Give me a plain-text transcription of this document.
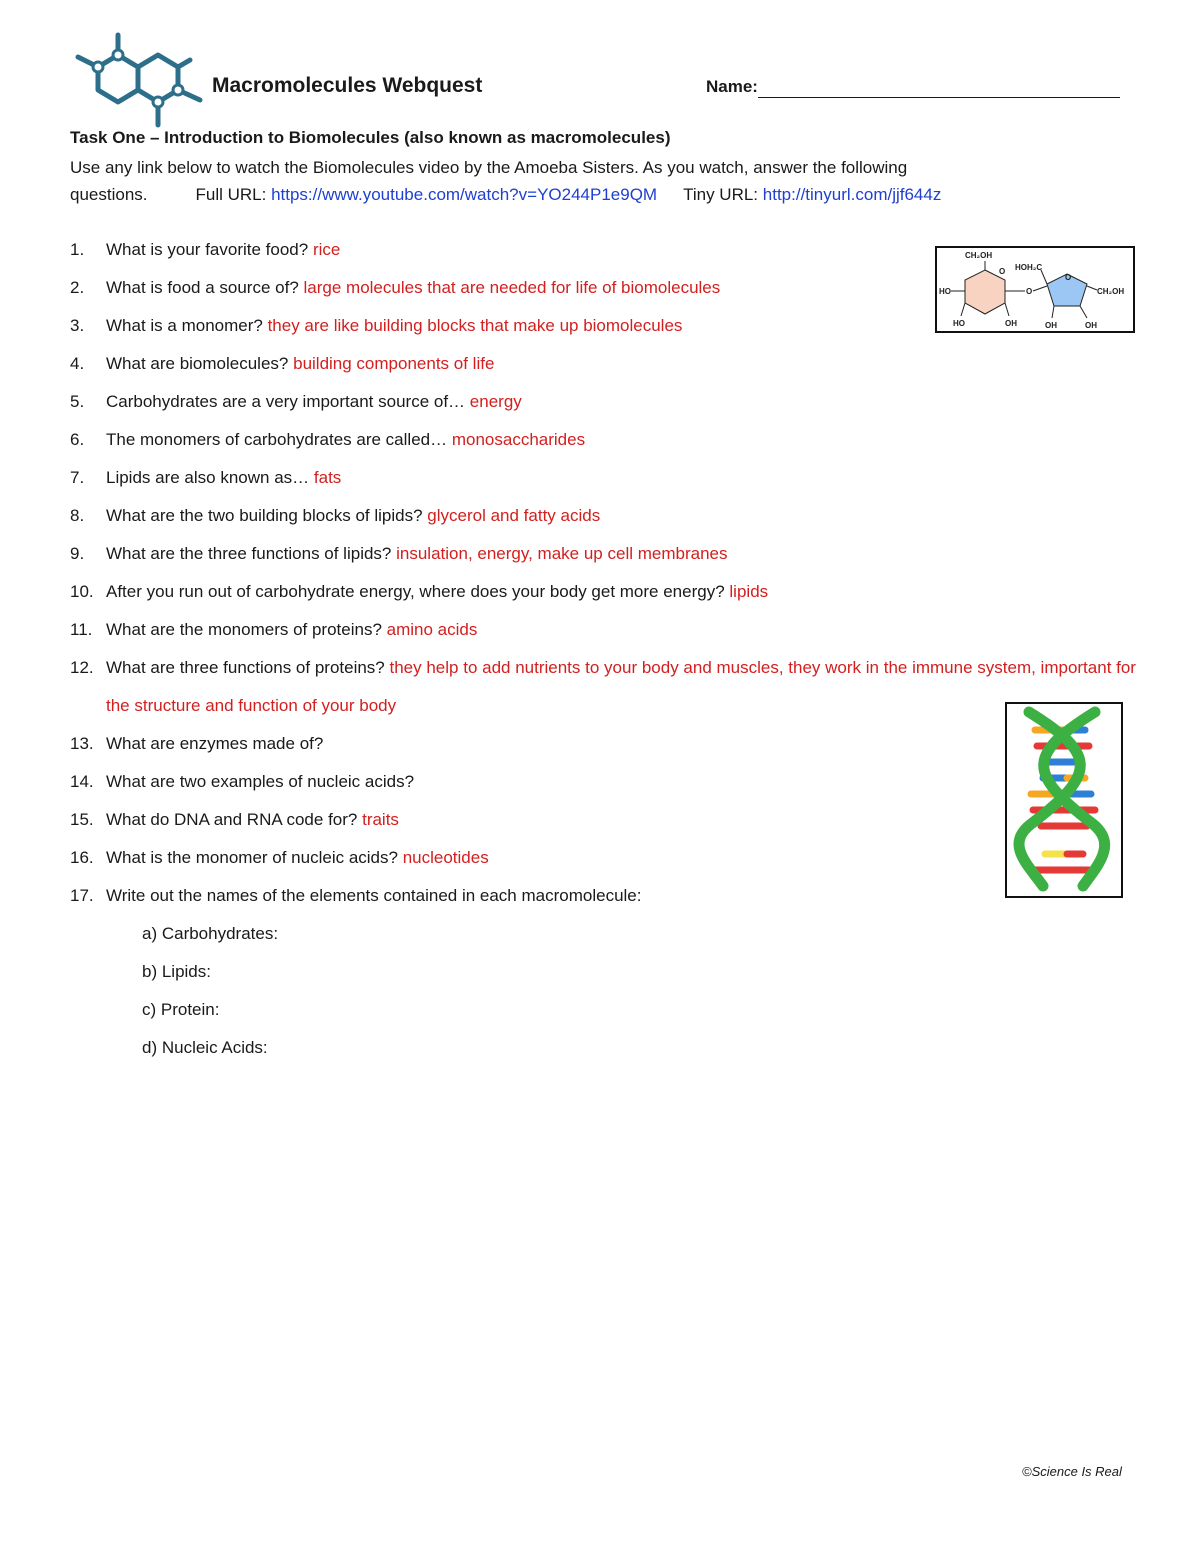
Macromolecules Webquest	Name:
Task One – Introduction to Biomolecules (also known as macromolecules)
Use any link below to watch the Biomolecules video by the Amoeba Sisters. As you watch, answer the following
questions.	Full URL: https://www.youtube.com/watch?v=YO244P1e9QM Tiny URL: http://tinyurl.com/jjf644z
1. What is your favorite food? rice
2. What is food a source of? large molecules that are needed for life of biomolecules
3. What is a monomer? they are like building blocks that make up biomolecules
4. What are biomolecules? building components of life
5. Carbohydrates are a very important source of… energy
6. The monomers of carbohydrates are called… monosaccharides
7. Lipids are also known as… fats
8. What are the two building blocks of lipids? glycerol and fatty acids
9. What are the three functions of lipids? insulation, energy, make up cell membranes
10. After you run out of carbohydrate energy, where does your body get more energy? lipids
11. What are the monomers of proteins? amino acids
12. What are three functions of proteins? they help to add nutrients to your body and muscles, they work in the immune system, important for the structure and function of your body
13. What are enzymes made of?
14. What are two examples of nucleic acids?
15. What do DNA and RNA code for? traits
16. What is the monomer of nucleic acids? nucleotides
17. Write out the names of the elements contained in each macromolecule:
a) Carbohydrates:
b) Lipids:
c) Protein:
d) Nucleic Acids:
CH₂OH
HOH₂C
O
O
HO	O	CH₂OH
HO	OH	OH	OH
©Science Is Real
